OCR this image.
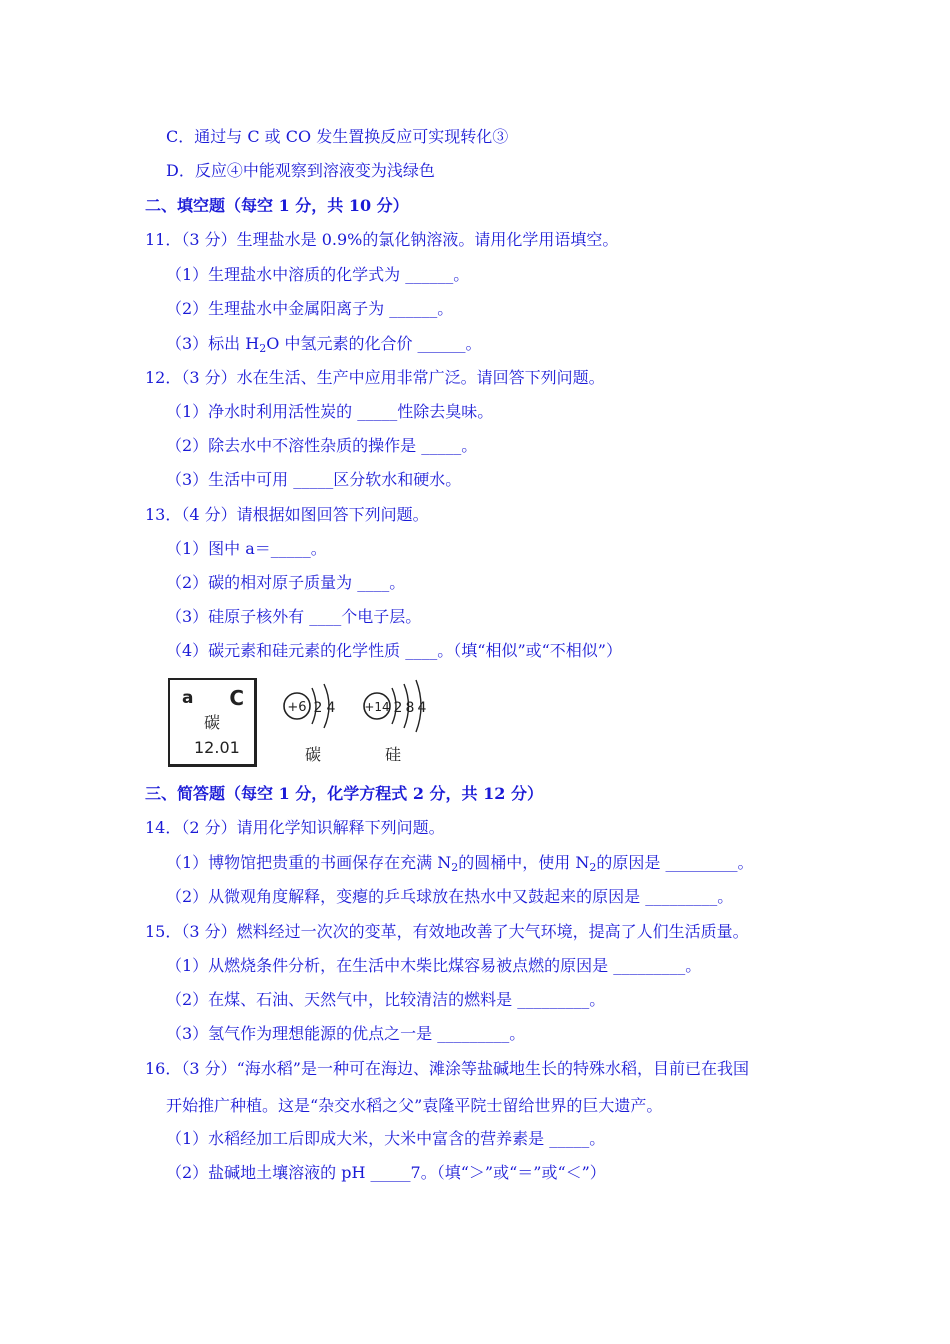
C．通过与 C 或 CO 发生置换反应可实现转化③
D．反应④中能观察到溶液变为浅绿色
二、填空题（每空 1 分，共 10 分）
11．（3 分）生理盐水是 0.9%的氯化钠溶液。请用化学用语填空。
（1）生理盐水中溶质的化学式为 ______。
（2）生理盐水中金属阳离子为 ______。
（3）标出 $H_2O$ 中氢元素的化合价 ______。
12．（3 分）水在生活、生产中应用非常广泛。请回答下列问题。
（1）净水时利用活性炭的 _____性除去臭味。
（2）除去水中不溶性杂质的操作是 _____。
（3）生活中可用 _____区分软水和硬水。
13．（4 分）请根据如图回答下列问题。
（1）图中 a＝_____。
（2）碳的相对原子质量为 ____。
（3）硅原子核外有 ____个电子层。
（4）碳元素和硅元素的化学性质 ____。（填“相似”或“不相似”）
a C
碳
12.01
+6 2 4 +14 2 8 4
碳	硅
三、简答题（每空 1 分，化学方程式 2 分，共 12 分）
14．（2 分）请用化学知识解释下列问题。
（1）博物馆把贵重的书画保存在充满 $N_2$的圆桶中，使用 $N_2$的原因是 _________。
（2）从微观角度解释，变瘪的乒乓球放在热水中又鼓起来的原因是 _________。
15．（3 分）燃料经过一次次的变革，有效地改善了大气环境，提高了人们生活质量。
（1）从燃烧条件分析，在生活中木柴比煤容易被点燃的原因是 _________。
（2）在煤、石油、天然气中，比较清洁的燃料是 _________。
（3）氢气作为理想能源的优点之一是 _________。
16．（3 分）“海水稻”是一种可在海边、滩涂等盐碱地生长的特殊水稻，目前已在我国
开始推广种植。这是“杂交水稻之父”袁隆平院士留给世界的巨大遗产。
（1）水稻经加工后即成大米，大米中富含的营养素是 _____。
（2）盐碱地土壤溶液的 pH _____7。（填“＞”或“＝”或“＜”）
